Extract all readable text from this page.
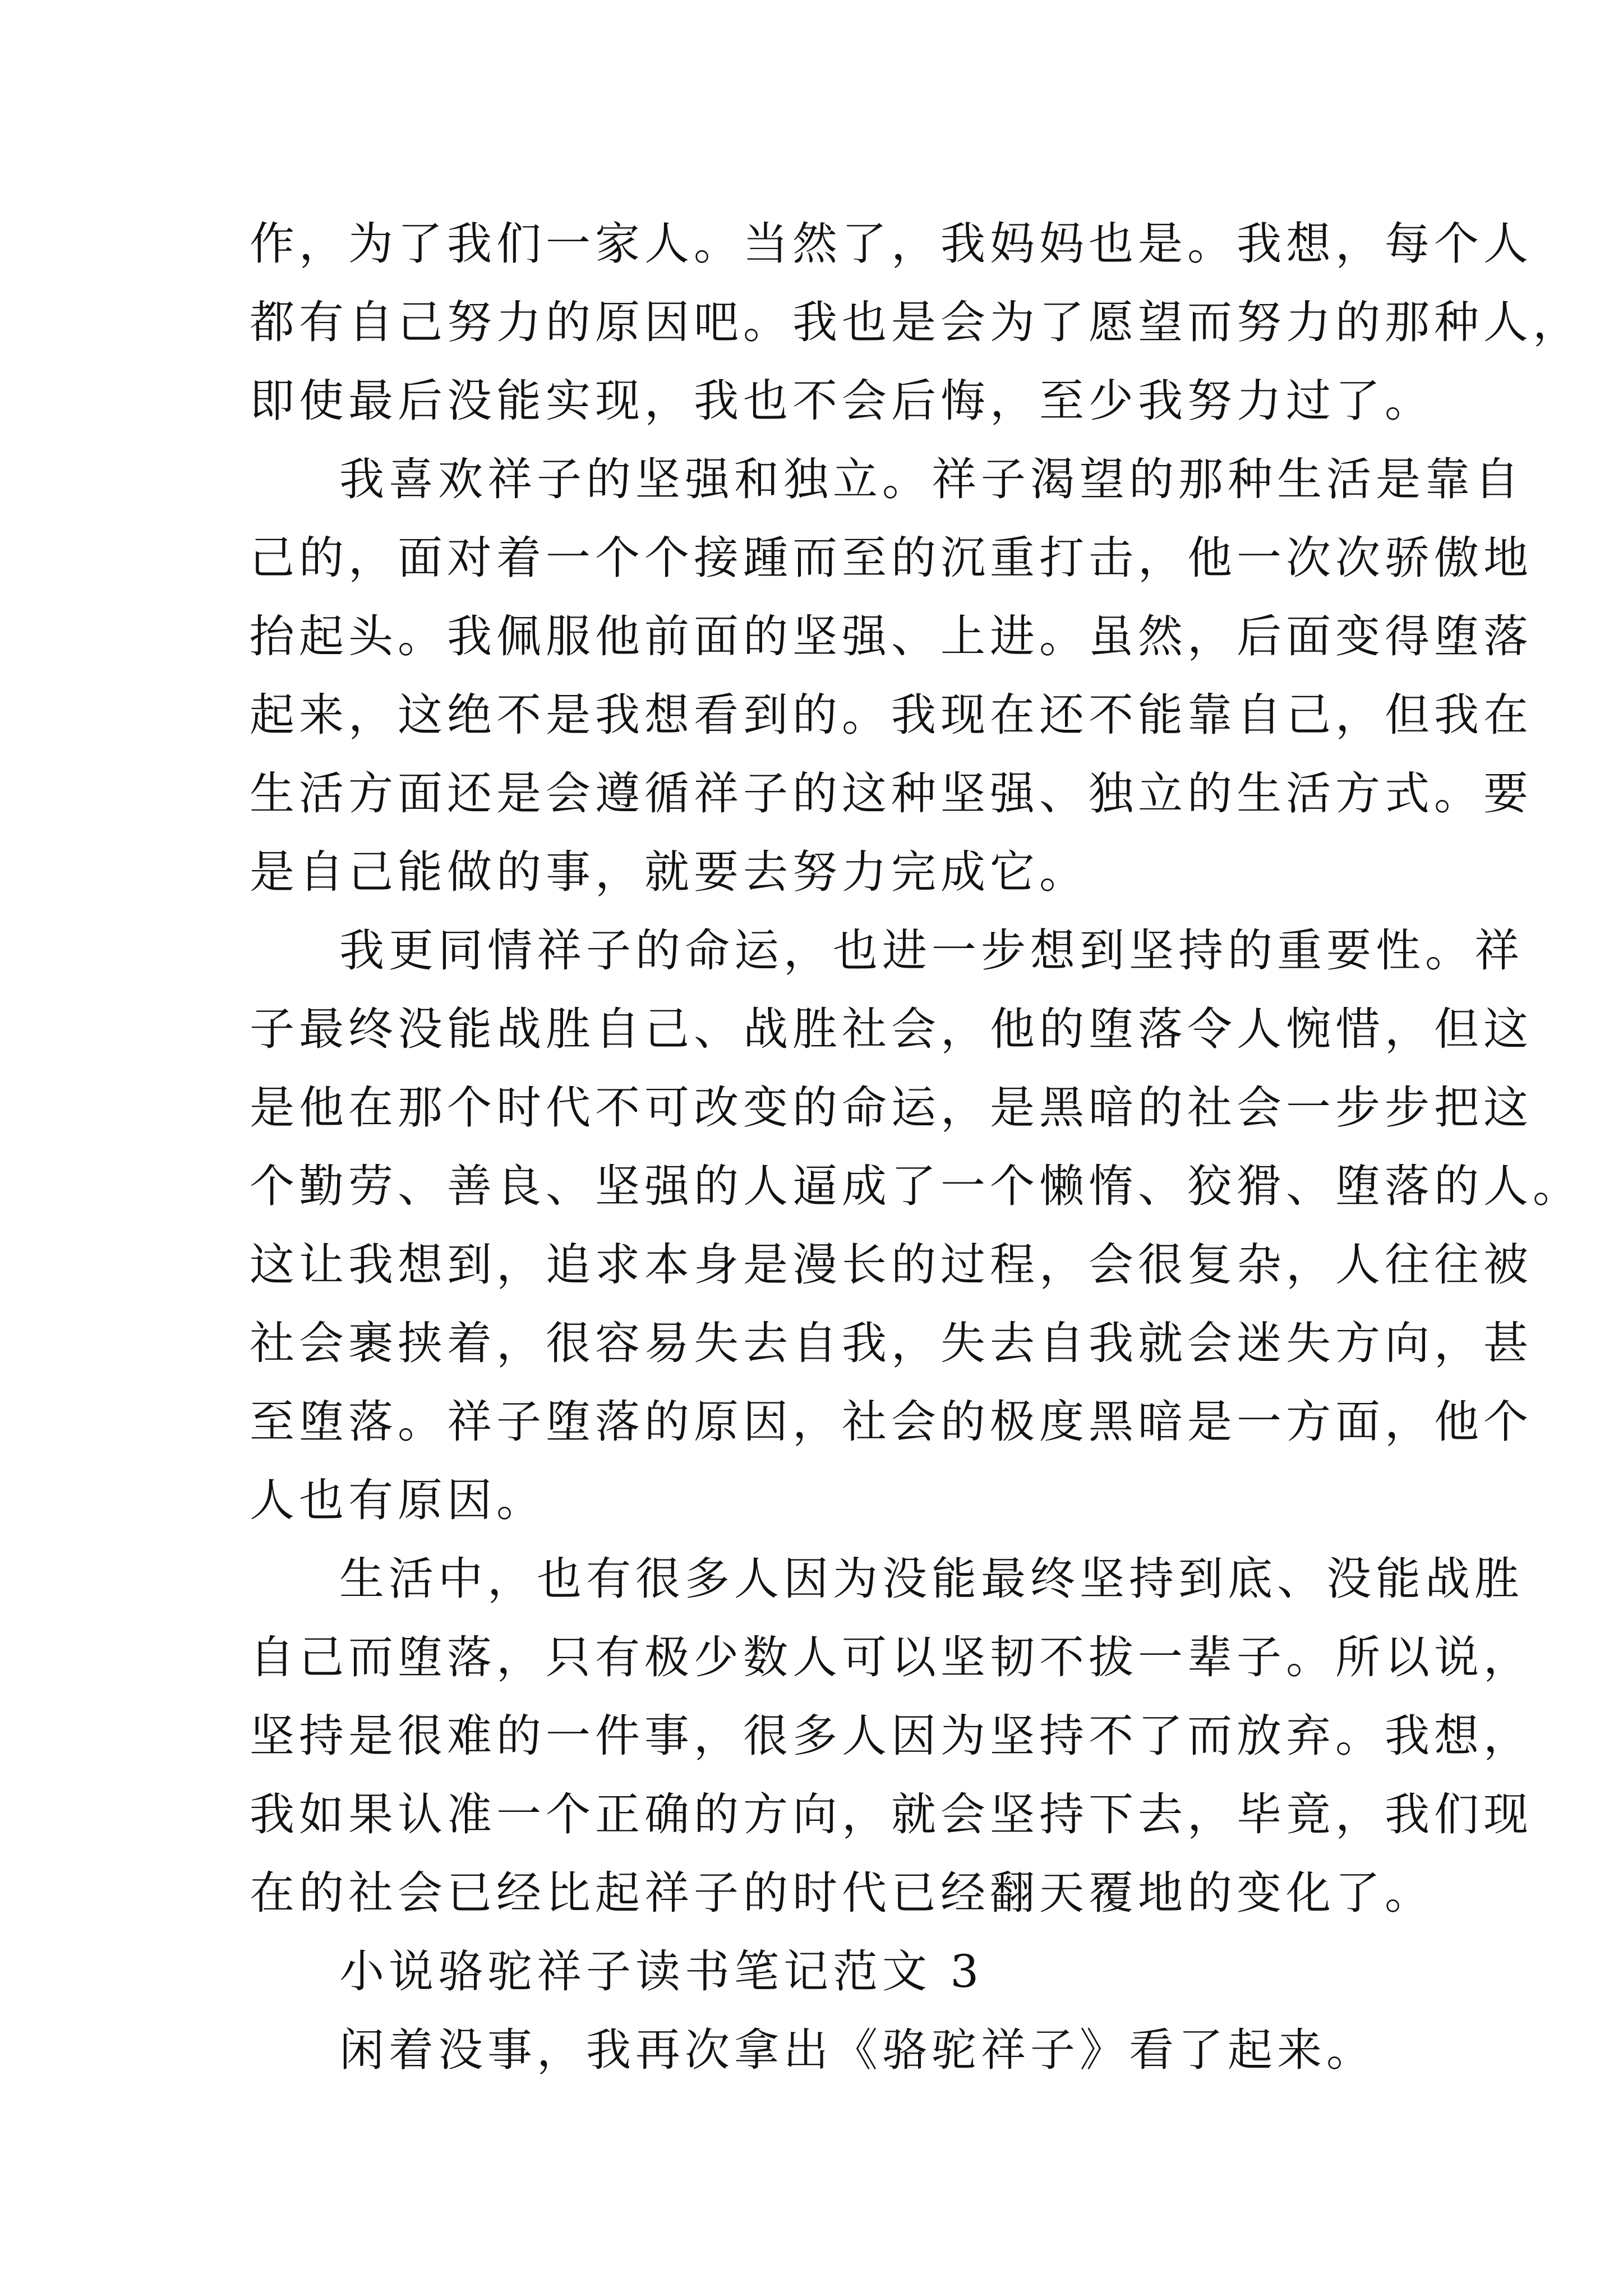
作，为了我们一家人。当然了，我妈妈也是。我想，每个人
都有自己努力的原因吧。我也是会为了愿望而努力的那种人，
即使最后没能实现，我也不会后悔，至少我努力过了。
我喜欢祥子的坚强和独立。祥子渴望的那种生活是靠自
己的，面对着一个个接踵而至的沉重打击，他一次次骄傲地
抬起头。我佩服他前面的坚强、上进。虽然，后面变得堕落
起来，这绝不是我想看到的。我现在还不能靠自己，但我在
生活方面还是会遵循祥子的这种坚强、独立的生活方式。要
是自己能做的事，就要去努力完成它。
我更同情祥子的命运，也进一步想到坚持的重要性。祥
子最终没能战胜自己、战胜社会，他的堕落令人惋惜，但这
是他在那个时代不可改变的命运，是黑暗的社会一步步把这
个勤劳、善良、坚强的人逼成了一个懒惰、狡猾、堕落的人。
这让我想到，追求本身是漫长的过程，会很复杂，人往往被
社会裹挟着，很容易失去自我，失去自我就会迷失方向，甚
至堕落。祥子堕落的原因，社会的极度黑暗是一方面，他个
人也有原因。
生活中，也有很多人因为没能最终坚持到底、没能战胜
自己而堕落，只有极少数人可以坚韧不拔一辈子。所以说，
坚持是很难的一件事，很多人因为坚持不了而放弃。我想，
我如果认准一个正确的方向，就会坚持下去，毕竟，我们现
在的社会已经比起祥子的时代已经翻天覆地的变化了。
小说骆驼祥子读书笔记范文 3
闲着没事，我再次拿出《骆驼祥子》看了起来。
